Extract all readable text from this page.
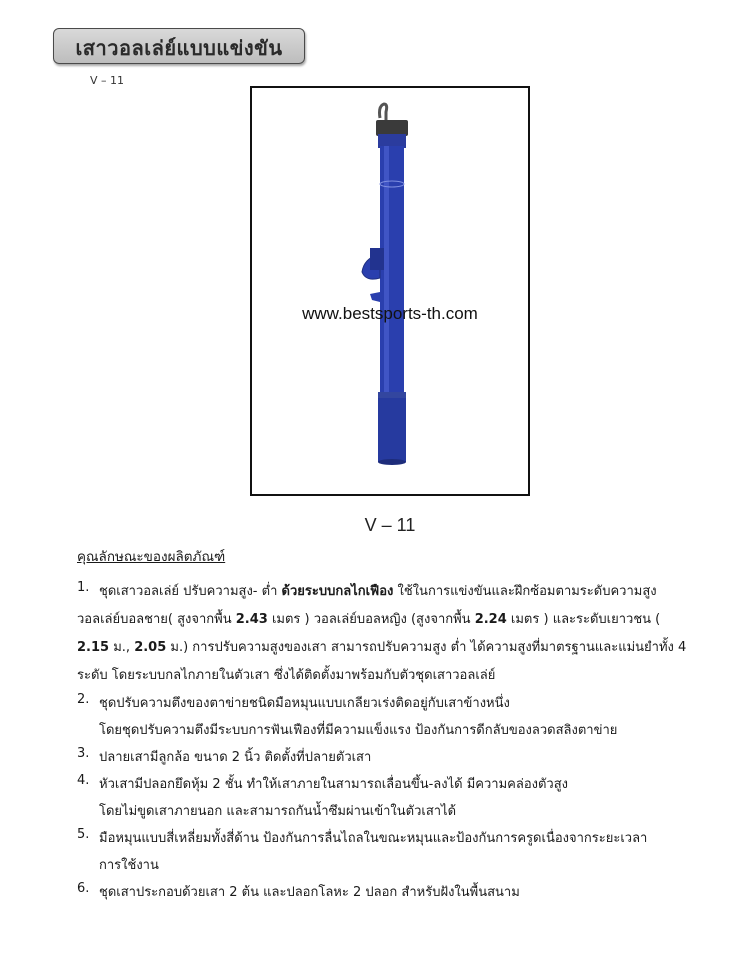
เสาวอลเล่ย์แบบแข่งขัน
V – 11
www.bestsports-th.com
V – 11
คุณลักษณะของผลิตภัณฑ์
1. ชุดเสาวอลเล่ย์ ปรับความสูง- ต่ำ ด้วยระบบกลไกเฟือง ใช้ในการแข่งขันและฝึกซ้อมตามระดับความสูง
วอลเล่ย์บอลชาย( สูงจากพื้น 2.43 เมตร ) วอลเล่ย์บอลหญิง (สูงจากพื้น 2.24 เมตร ) และระดับเยาวชน (
2.15 ม., 2.05 ม.) การปรับความสูงของเสา สามารถปรับความสูง ต่ำ ได้ความสูงที่มาตรฐานและแม่นยำทั้ง 4
ระดับ โดยระบบกลไกภายในตัวเสา ซึ่งได้ติดตั้งมาพร้อมกับตัวชุดเสาวอลเล่ย์
2. ชุดปรับความตึงของตาข่ายชนิดมือหมุนแบบเกลียวเร่งติดอยู่กับเสาข้างหนึ่ง
โดยชุดปรับความตึงมีระบบการฟันเฟืองที่มีความแข็งแรง ป้องกันการดีกลับของลวดสลิงตาข่าย
3. ปลายเสามีลูกล้อ ขนาด 2 นิ้ว ติดตั้งที่ปลายตัวเสา
4. หัวเสามีปลอกยึดหุ้ม 2 ชั้น ทำให้เสาภายในสามารถเลื่อนขึ้น-ลงได้ มีความคล่องตัวสูง
โดยไม่ขูดเสาภายนอก และสามารถกันน้ำซึมผ่านเข้าในตัวเสาได้
5. มือหมุนแบบสี่เหลี่ยมทั้งสี่ด้าน ป้องกันการลื่นไถลในขณะหมุนและป้องกันการครูดเนื่องจากระยะเวลา
การใช้งาน
6. ชุดเสาประกอบด้วยเสา 2 ต้น และปลอกโลหะ 2 ปลอก สำหรับฝังในพื้นสนาม
